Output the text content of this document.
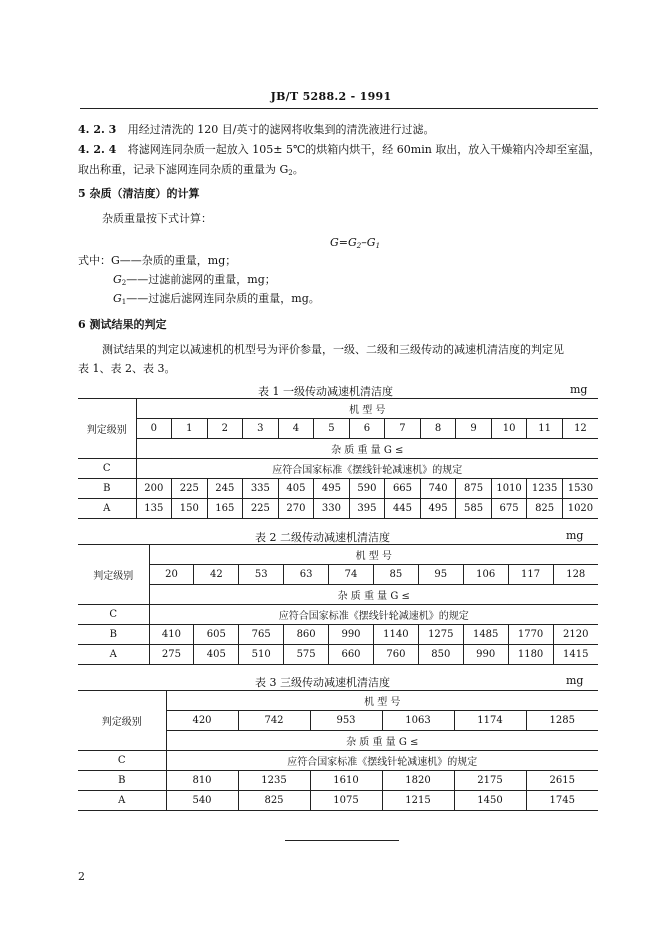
JB/T 5288.2 - 1991
4. 2. 3 用经过清洗的 120 目/英寸的滤网将收集到的清洗液进行过滤。
4. 2. 4 将滤网连同杂质一起放入 105± 5℃的烘箱内烘干，经 60min 取出，放入干燥箱内冷却至室温，
取出称重，记录下滤网连同杂质的重量为 $G_2$。
5 杂质（清洁度）的计算
杂质重量按下式计算：
$G=G_2-G_1$
式中：G——杂质的重量，mg；
$G_2——$过滤前滤网的重量，mg；
$G_1——$过滤后滤网连同杂质的重量，mg。
6 测试结果的判定
测试结果的判定以减速机的机型号为评价参量，一级、二级和三级传动的减速机清洁度的判定见
表 1、表 2、表 3。
表 1 一级传动减速机清洁度	mg
判定级别	机 型 号												
	0	1	2	3	4	5	6	7	8	9	10	11	12
	杂 质 重 量 G ≤												
C	应符合国家标准《摆线针轮减速机》的规定												
B	200	225	245	335	405	495	590	665	740	875	1010	1235	1530
A	135	150	165	225	270	330	395	445	495	585	675	825	1020
表 2 二级传动减速机清洁度	mg
判定级别	机 型 号									
	20	42	53	63	74	85	95	106	117	128
	杂 质 重 量 G ≤									
C	应符合国家标准《摆线针轮减速机》的规定									
B	410	605	765	860	990	1140	1275	1485	1770	2120
A	275	405	510	575	660	760	850	990	1180	1415
表 3 三级传动减速机清洁度	mg
判定级别	机 型 号					
	420	742	953	1063	1174	1285
	杂 质 重 量 G ≤					
C	应符合国家标准《摆线针轮减速机》的规定					
B	810	1235	1610	1820	2175	2615
A	540	825	1075	1215	1450	1745
2
